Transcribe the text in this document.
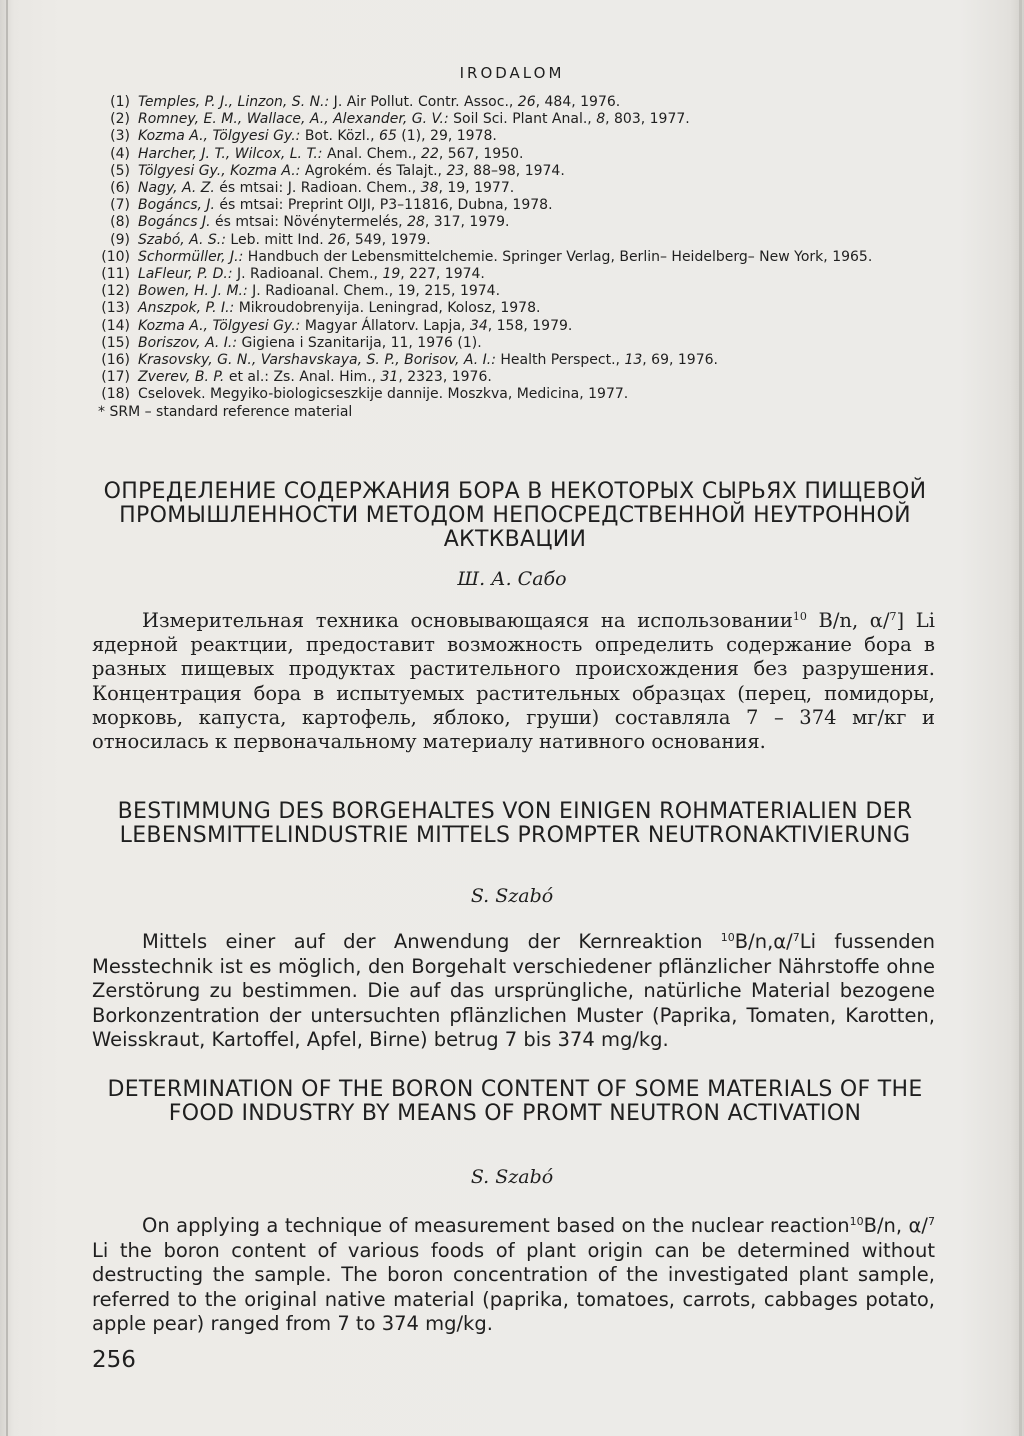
IRODALOM
(1) Temples, P. J., Linzon, S. N.: J. Air Pollut. Contr. Assoc., 26, 484, 1976.
(2) Romney, E. M., Wallace, A., Alexander, G. V.: Soil Sci. Plant Anal., 8, 803, 1977.
(3) Kozma A., Tölgyesi Gy.: Bot. Közl., 65 (1), 29, 1978.
(4) Harcher, J. T., Wilcox, L. T.: Anal. Chem., 22, 567, 1950.
(5) Tölgyesi Gy., Kozma A.: Agrokém. és Talajt., 23, 88–98, 1974.
(6) Nagy, A. Z. és mtsai: J. Radioan. Chem., 38, 19, 1977.
(7) Bogáncs, J. és mtsai: Preprint OIJI, P3–11816, Dubna, 1978.
(8) Bogáncs J. és mtsai: Növénytermelés, 28, 317, 1979.
(9) Szabó, A. S.: Leb. mitt Ind. 26, 549, 1979.
(10) Schormüller, J.: Handbuch der Lebensmittelchemie. Springer Verlag, Berlin– Heidelberg– New York, 1965.
(11) LaFleur, P. D.: J. Radioanal. Chem., 19, 227, 1974.
(12) Bowen, H. J. M.: J. Radioanal. Chem., 19, 215, 1974.
(13) Anszpok, P. I.: Mikroudobrenyija. Leningrad, Kolosz, 1978.
(14) Kozma A., Tölgyesi Gy.: Magyar Állatorv. Lapja, 34, 158, 1979.
(15) Boriszov, A. I.: Gigiena i Szanitarija, 11, 1976 (1).
(16) Krasovsky, G. N., Varshavskaya, S. P., Borisov, A. I.: Health Perspect., 13, 69, 1976.
(17) Zverev, B. P. et al.: Zs. Anal. Him., 31, 2323, 1976.
(18) Cselovek. Megyiko-biologicseszkije dannije. Moszkva, Medicina, 1977.
* SRM – standard reference material
ОПРЕДЕЛЕНИЕ СОДЕРЖАНИЯ БОРА В НЕКОТОРЫХ СЫРЬЯХ ПИЩЕВОЙ ПРОМЫШЛЕННОСТИ МЕТОДОМ НЕПОСРЕДСТВЕННОЙ НЕУТРОННОЙ АКТКВАЦИИ
Ш. А. Сабо
Измерительная техника основывающаяся на использовании$^{10}$ B/n, α/$^7$] Li ядерной реактции, предоставит возможность определить содержание бора в разных пищевых продуктах растительного происхождения без разрушения. Концентрация бора в испытуемых растительных образцах (перец, помидоры, морковь, капуста, картофель, яблоко, груши) составляла 7 – 374 мг/кг и относилась к первоначальному материалу нативного основания.
BESTIMMUNG DES BORGEHALTES VON EINIGEN ROHMATERIALIEN DER LEBENSMITTELINDUSTRIE MITTELS PROMPTER NEUTRONAKTIVIERUNG
S. Szabó
Mittels einer auf der Anwendung der Kernreaktion $^{10}$B/n,α/$^7$Li fussenden Messtechnik ist es möglich, den Borgehalt verschiedener pflänzlicher Nährstoffe ohne Zerstörung zu bestimmen. Die auf das ursprüngliche, natürliche Material bezogene Borkonzentration der untersuchten pflänzlichen Muster (Paprika, Tomaten, Karotten, Weisskraut, Kartoffel, Apfel, Birne) betrug 7 bis 374 mg/kg.
DETERMINATION OF THE BORON CONTENT OF SOME MATERIALS OF THE FOOD INDUSTRY BY MEANS OF PROMT NEUTRON ACTIVATION
S. Szabó
On applying a technique of measurement based on the nuclear reaction$^{10}$B/n, α/$^7$ Li the boron content of various foods of plant origin can be determined without destructing the sample. The boron concentration of the investigated plant sample, referred to the original native material (paprika, tomatoes, carrots, cabbages potato, apple pear) ranged from 7 to 374 mg/kg.
256
